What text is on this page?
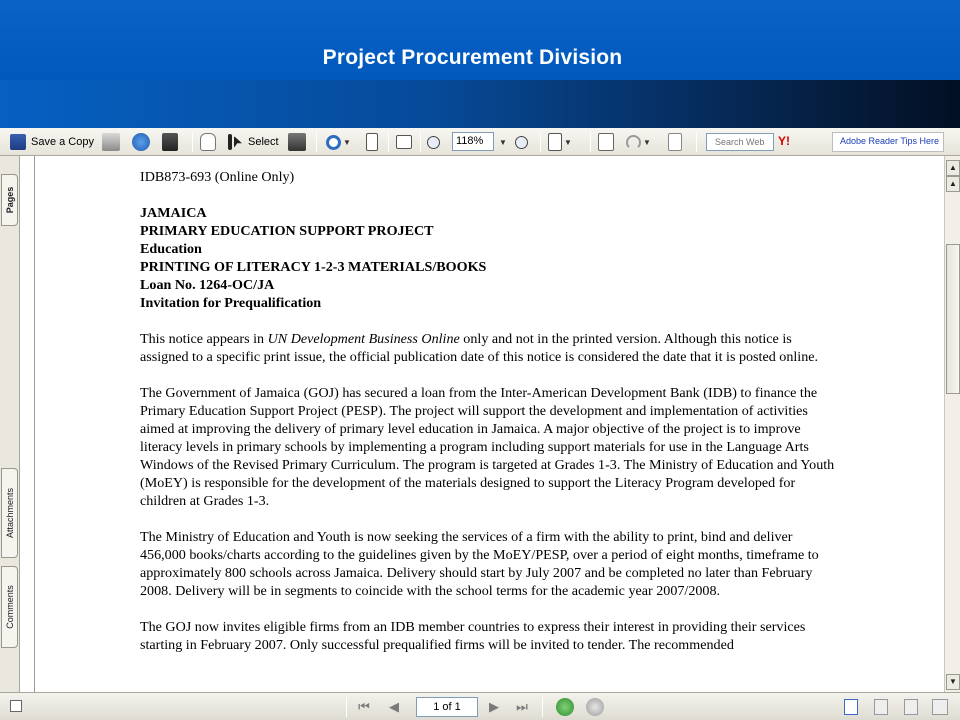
Project Procurement Division
Save a Copy	Select	▼	118%	▼	▼	▼	Search Web	Y!	Adobe Reader Tips Here
Pages
Attachments
Comments

IDB873-693 (Online Only)

JAMAICA
PRIMARY EDUCATION SUPPORT PROJECT
Education
PRINTING OF LITERACY 1-2-3 MATERIALS/BOOKS
Loan No. 1264-OC/JA
Invitation for Prequalification

This notice appears in UN Development Business Online only and not in the printed version. Although this notice is assigned to a specific print issue, the official publication date of this notice is considered the date that it is posted online.

The Government of Jamaica (GOJ) has secured a loan from the Inter-American Development Bank (IDB) to finance the Primary Education Support Project (PESP). The project will support the development and implementation of activities aimed at improving the delivery of primary level education in Jamaica. A major objective of the project is to improve literacy levels in primary schools by implementing a program including support materials for use in the Language Arts Windows of the Revised Primary Curriculum. The program is targeted at Grades 1-3. The Ministry of Education and Youth (MoEY) is responsible for the development of the materials designed to support the Literacy Program developed for children at Grades 1-3.

The Ministry of Education and Youth is now seeking the services of a firm with the ability to print, bind and deliver 456,000 books/charts according to the guidelines given by the MoEY/PESP, over a period of eight months, timeframe to approximately 800 schools across Jamaica. Delivery should start by July 2007 and be completed no later than February 2008. Delivery will be in segments to coincide with the school terms for the academic year 2007/2008.

The GOJ now invites eligible firms from an IDB member countries to express their interest in providing their services starting in February 2007. Only successful prequalified firms will be invited to tender. The recommended

▲
▲
▼
⏮ ◀	1 of 1	▶ ⏭
